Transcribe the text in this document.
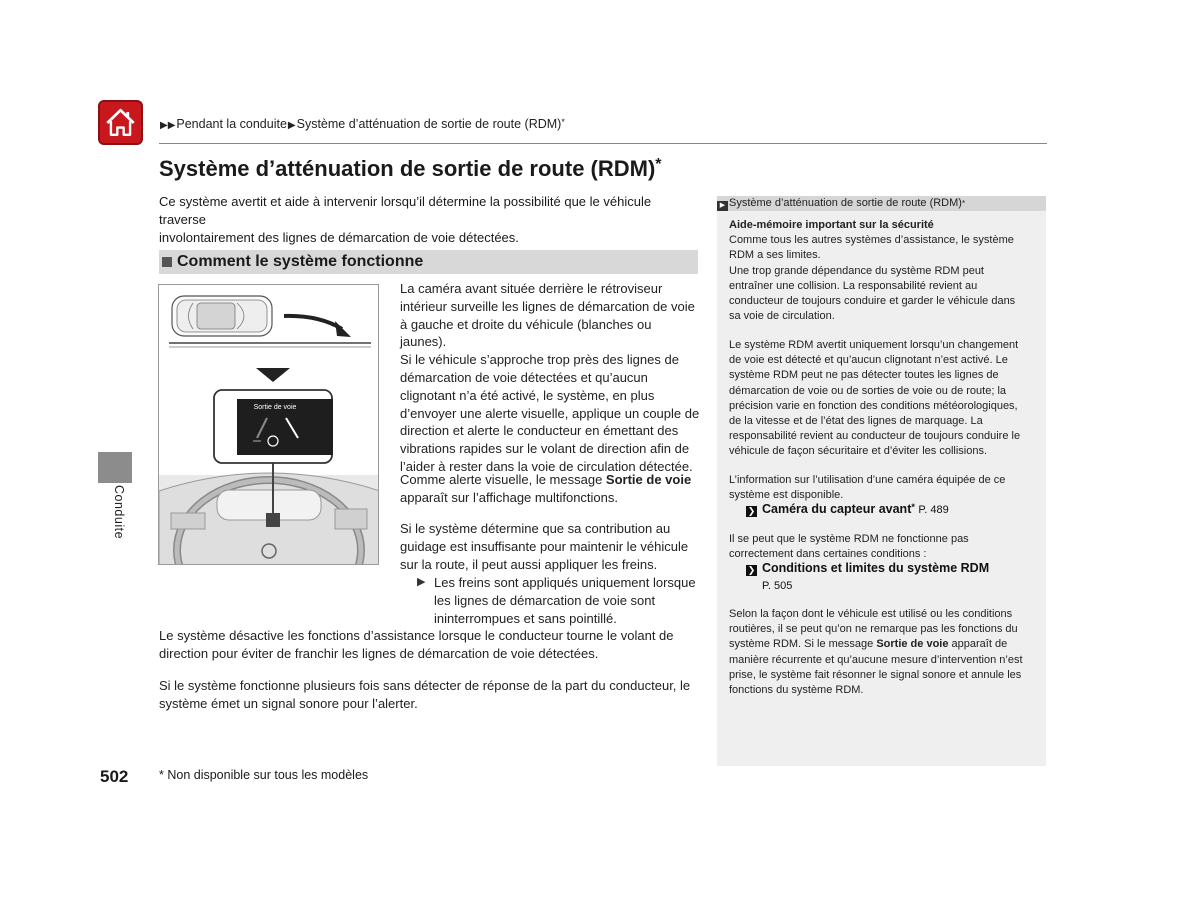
▶▶Pendant la conduite▶Système d’atténuation de sortie de route (RDM)*
Système d’atténuation de sortie de route (RDM)*
Ce système avertit et aide à intervenir lorsqu’il détermine la possibilité que le véhicule traverse
involontairement des lignes de démarcation de voie détectées.
Comment le système fonctionne
Sortie de voie
La caméra avant située derrière le rétroviseur
intérieur surveille les lignes de démarcation de voie
à gauche et droite du véhicule (blanches ou jaunes).
Si le véhicule s’approche trop près des lignes de
démarcation de voie détectées et qu’aucun
clignotant n’a été activé, le système, en plus
d’envoyer une alerte visuelle, applique un couple de
direction et alerte le conducteur en émettant des
vibrations rapides sur le volant de direction afin de
l’aider à rester dans la voie de circulation détectée.
Comme alerte visuelle, le message Sortie de voie
apparaît sur l’affichage multifonctions.
Si le système détermine que sa contribution au
guidage est insuffisante pour maintenir le véhicule
sur la route, il peut aussi appliquer les freins.
▶ Les freins sont appliqués uniquement lorsque
les lignes de démarcation de voie sont
ininterrompues et sans pointillé.
Le système désactive les fonctions d’assistance lorsque le conducteur tourne le volant de
direction pour éviter de franchir les lignes de démarcation de voie détectées.
Si le système fonctionne plusieurs fois sans détecter de réponse de la part du conducteur, le
système émet un signal sonore pour l’alerter.
Conduite
502 * Non disponible sur tous les modèles
▶ Système d’atténuation de sortie de route (RDM)*
Aide-mémoire important sur la sécurité
Comme tous les autres systèmes d’assistance, le système
RDM a ses limites.
Une trop grande dépendance du système RDM peut
entraîner une collision. La responsabilité revient au
conducteur de toujours conduire et garder le véhicule dans
sa voie de circulation.
Le système RDM avertit uniquement lorsqu’un changement
de voie est détecté et qu’aucun clignotant n’est activé. Le
système RDM peut ne pas détecter toutes les lignes de
démarcation de voie ou de sorties de voie ou de route; la
précision varie en fonction des conditions météorologiques,
de la vitesse et de l’état des lignes de marquage. La
responsabilité revient au conducteur de toujours conduire le
véhicule de façon sécuritaire et d’éviter les collisions.
L’information sur l’utilisation d’une caméra équipée de ce
système est disponible.
❯ Caméra du capteur avant* P. 489
Il se peut que le système RDM ne fonctionne pas
correctement dans certaines conditions :
❯ Conditions et limites du système RDM
P. 505
Selon la façon dont le véhicule est utilisé ou les conditions
routières, il se peut qu’on ne remarque pas les fonctions du
système RDM. Si le message Sortie de voie apparaît de
manière récurrente et qu’aucune mesure d’intervention n’est
prise, le système fait résonner le signal sonore et annule les
fonctions du système RDM.
